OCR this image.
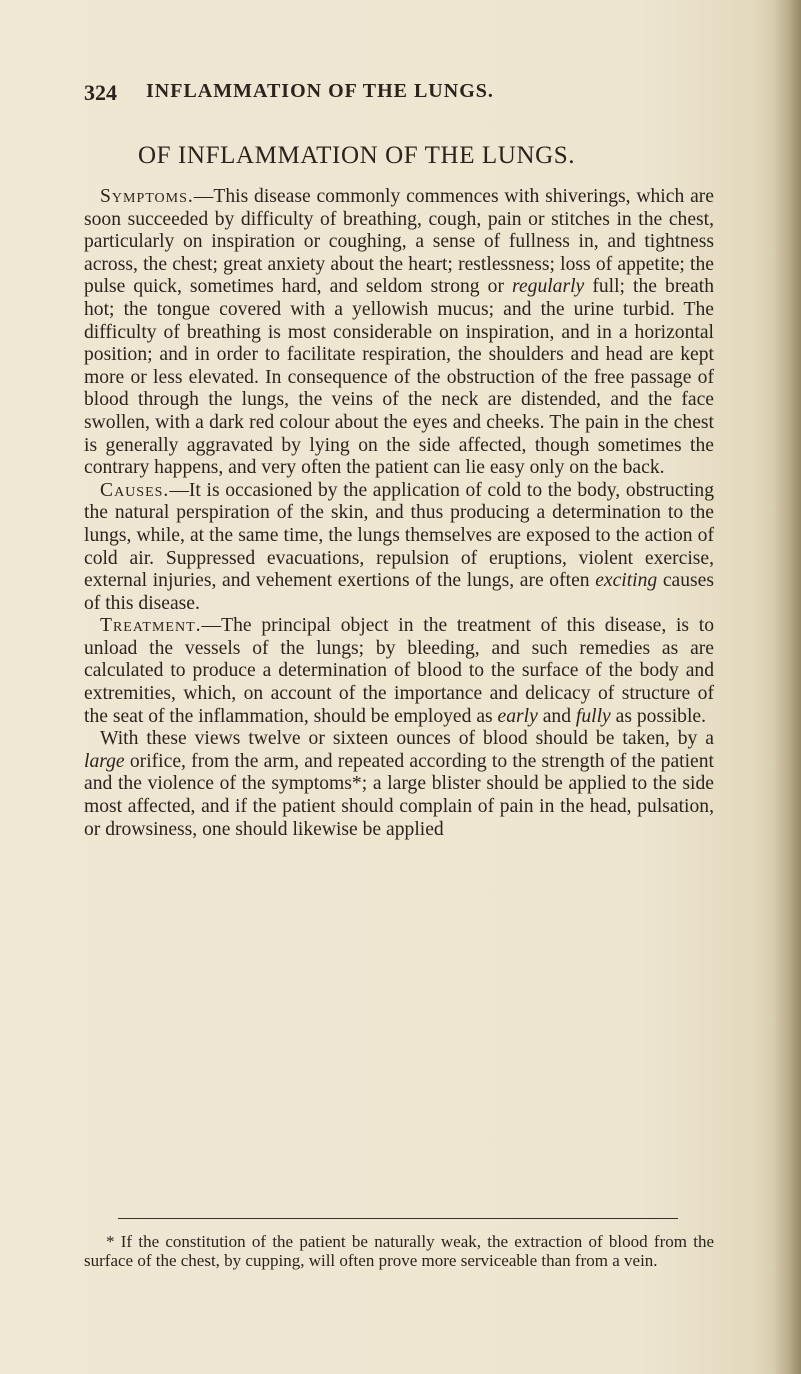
324 INFLAMMATION OF THE LUNGS.
OF INFLAMMATION OF THE LUNGS.

Symptoms.—This disease commonly commences with shiverings, which are soon succeeded by difficulty of breathing, cough, pain or stitches in the chest, particularly on inspiration or coughing, a sense of fullness in, and tightness across, the chest; great anxiety about the heart; restlessness; loss of appetite; the pulse quick, sometimes hard, and seldom strong or regularly full; the breath hot; the tongue covered with a yellowish mucus; and the urine turbid. The difficulty of breathing is most considerable on inspiration, and in a horizontal position; and in order to facilitate respiration, the shoulders and head are kept more or less elevated. In consequence of the obstruction of the free passage of blood through the lungs, the veins of the neck are distended, and the face swollen, with a dark red colour about the eyes and cheeks. The pain in the chest is generally aggravated by lying on the side affected, though sometimes the contrary happens, and very often the patient can lie easy only on the back.

Causes.—It is occasioned by the application of cold to the body, obstructing the natural perspiration of the skin, and thus producing a determination to the lungs, while, at the same time, the lungs themselves are exposed to the action of cold air. Suppressed evacuations, repulsion of eruptions, violent exercise, external injuries, and vehement exertions of the lungs, are often exciting causes of this disease.

Treatment.—The principal object in the treatment of this disease, is to unload the vessels of the lungs; by bleeding, and such remedies as are calculated to produce a determination of blood to the surface of the body and extremities, which, on account of the importance and delicacy of structure of the seat of the inflammation, should be employed as early and fully as possible.

With these views twelve or sixteen ounces of blood should be taken, by a large orifice, from the arm, and repeated according to the strength of the patient and the violence of the symptoms*; a large blister should be applied to the side most affected, and if the patient should complain of pain in the head, pulsation, or drowsiness, one should likewise be applied

* If the constitution of the patient be naturally weak, the extraction of blood from the surface of the chest, by cupping, will often prove more serviceable than from a vein.
